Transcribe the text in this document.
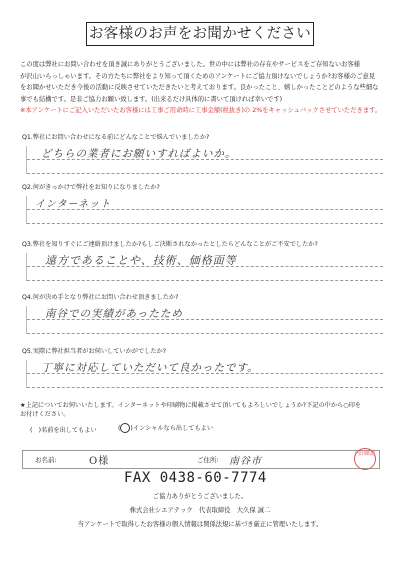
お客様のお声をお聞かせください
この度は弊社にお問い合わせを頂き誠にありがとうございました。世の中には弊社の存在やサービスをご存知ないお客様
が沢山いらっしゃいます。その方たちに弊社をより知って頂くためのアンケートにご協力頂けないでしょうか?お客様のご意見
をお聞かせいただき今後の活動に反映させていただきたいと考えております。良かったこと、嬉しかったことどのような些細な
事でも結構です。是非ご協力お願い致します。(出来るだけ具体的に書いて頂ければ幸いです)
※本アンケートにご記入いただいたお客様には工事ご用命時に工事金額(税抜き)の 2%をキャッシュバックさせていただきます。
Q1.弊社にお問い合わせになる前にどんなことで悩んでいましたか?
どちらの業者にお願いすればよいか。
Q2.何がきっかけで弊社をお知りになりましたか?
インターネット
Q3.弊社を知りすぐにご連絡頂けましたか?もしご決断されなかったとしたらどんなことがご不安でしたか?
遠方であることや、技術、価格面等
Q4.何が決め手となり弊社にお問い合わせ頂きましたか?
南谷での実績があったため
Q5.実際に弊社担当者がお伺いしていかがでしたか?
丁寧に対応していただいて良かったです。
★上記についてお伺いいたします。インターネットや印刷物に掲載させて頂いてもよろしいでしょうか?下記の中から○印を
お付けください。
(　)名前を出してもよい	( )インシャルなら出してもよい
お名前:	O様	ご住所: 南谷市
内田確認
FAX 0438-60-7774
ご協力ありがとうございました。
株式会社シエアテック　代表取締役　大久保 誠二
当アンケートで取得したお客様の個人情報は関係法規に基づき厳正に管理いたします。
